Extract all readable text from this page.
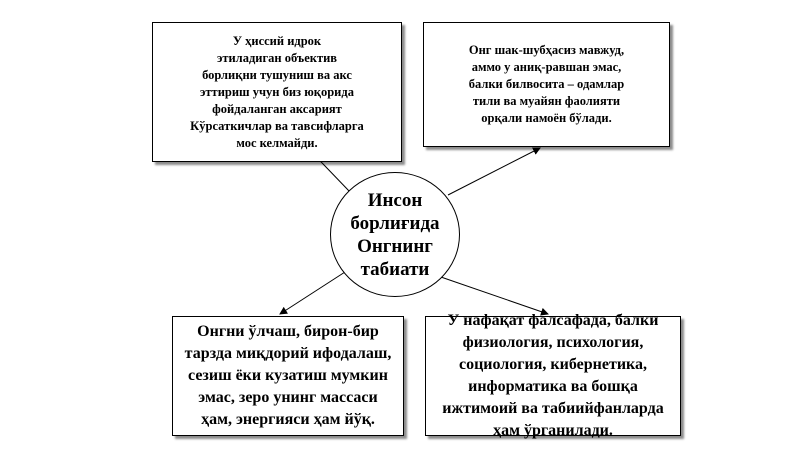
У ҳиссий идрок
этиладиган объектив
борлиқни тушуниш ва акс
эттириш учун биз юқорида
фойдаланган аксарият
Кўрсаткичлар ва тавсифларга
мос келмайди.
Онг шак-шубҳасиз мавжуд,
аммо у аниқ-равшан эмас,
балки билвосита – одамлар
тили ва муайян фаолияти
орқали намоён бўлади.
Инсон
борлиғида
Онгнинг
табиати
Онгни ўлчаш, бирон-бир
тарзда миқдорий ифодалаш,
сезиш ёки кузатиш мумкин
эмас, зеро унинг массаси
ҳам, энергияси ҳам йўқ.
У нафақат фалсафада, балки
физиология, психология,
социология, кибернетика,
информатика ва бошқа
ижтимоий ва табиийфанларда
ҳам ўрганилади.
